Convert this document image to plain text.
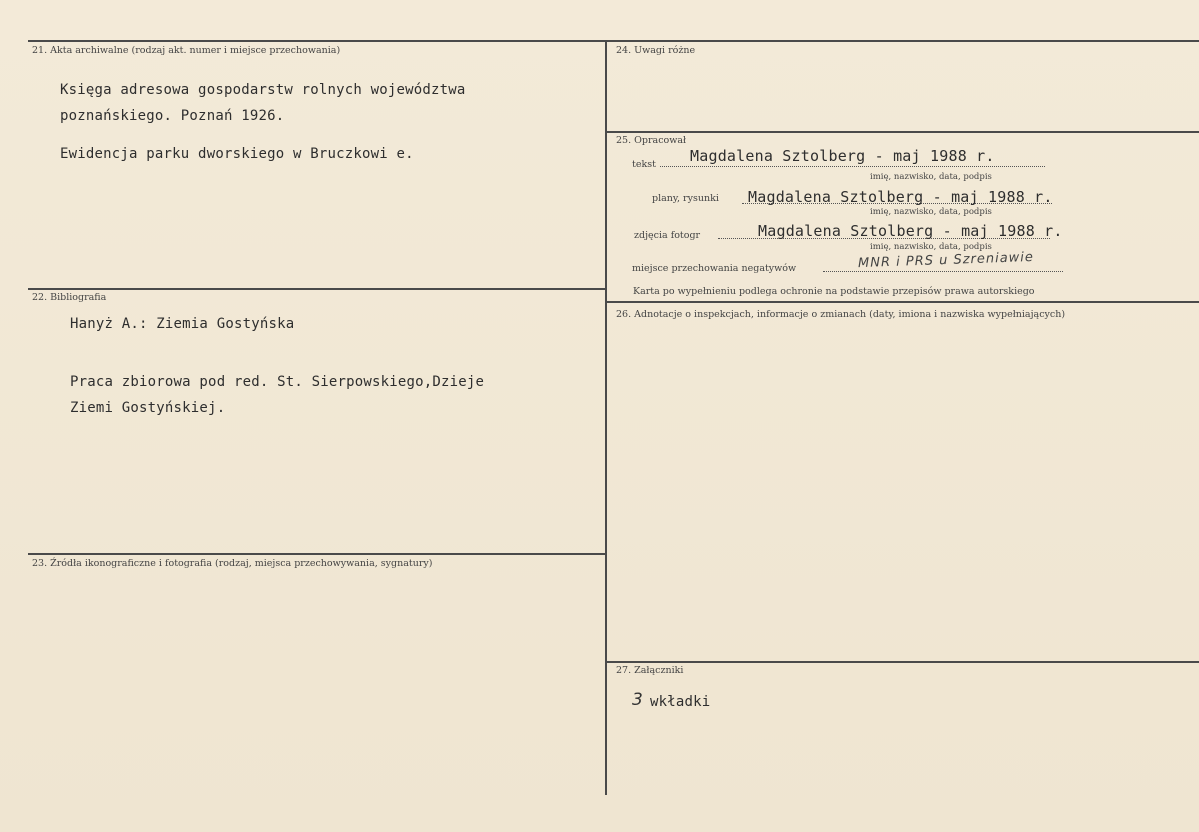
21. Akta archiwalne (rodzaj akt. numer i miejsce przechowania)
Księga adresowa gospodarstw rolnych województwa
poznańskiego. Poznań 1926.
Ewidencja parku dworskiego w Bruczkowi e.
22. Bibliografia
Hanyż A.: Ziemia Gostyńska
Praca zbiorowa pod red. St. Sierpowskiego,Dzieje
Ziemi Gostyńskiej.
23. Źródła ikonograficzne i fotografia (rodzaj, miejsca przechowywania, sygnatury)
24. Uwagi różne
25. Opracował
tekst Magdalena Sztolberg - maj 1988 r.
imię, nazwisko, data, podpis
plany, rysunki Magdalena Sztolberg - maj 1988 r.
imię, nazwisko, data, podpis
zdjęcia fotogr	Magdalena Sztolberg - maj 1988 r.
imię, nazwisko, data, podpis
miejsce przechowania negatywów	MNR i PRS u Szreniawie
Karta po wypełnieniu podlega ochronie na podstawie przepisów prawa autorskiego
26. Adnotacje o inspekcjach, informacje o zmianach (daty, imiona i nazwiska wypełniających)
27. Załączniki
3 wkładki
